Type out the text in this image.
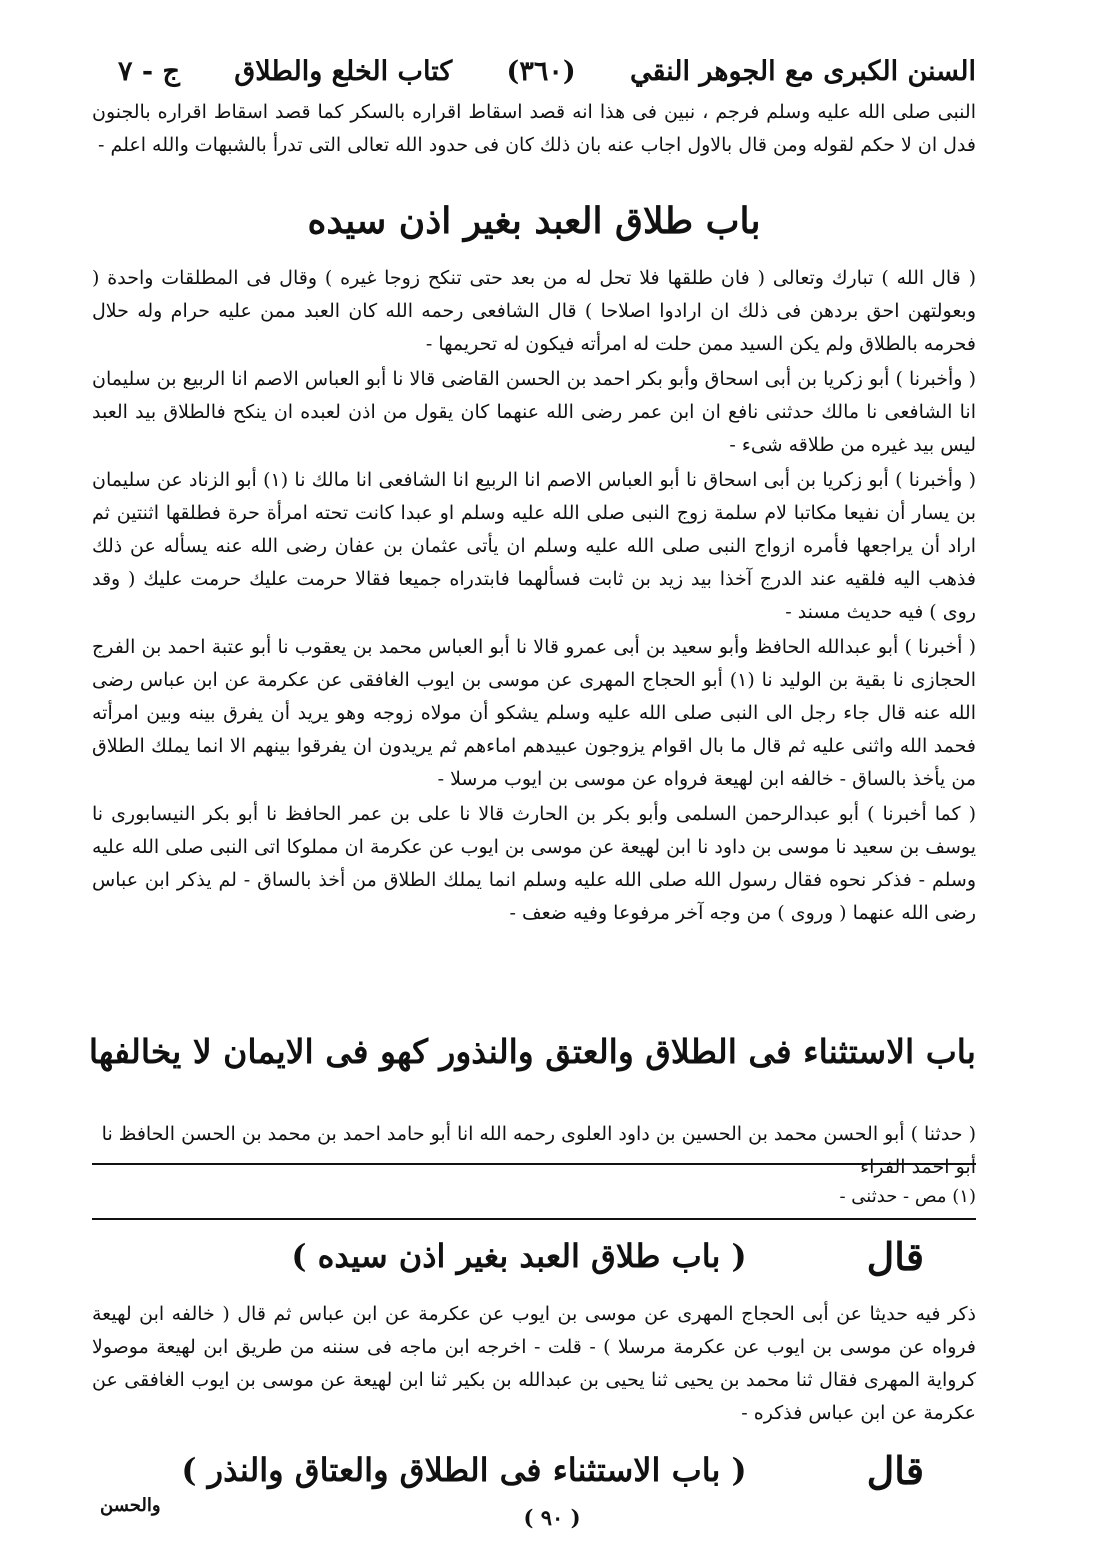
السنن الكبرى مع الجوهر النقي
(٣٦٠)
كتاب الخلع والطلاق
ج - ٧

النبى صلى الله عليه وسلم فرجم ، نبين فى هذا انه قصد اسقاط اقراره بالسكر كما قصد اسقاط اقراره بالجنون فدل ان لا حكم لقوله ومن قال بالاول اجاب عنه بان ذلك كان فى حدود الله تعالى التى تدرأ بالشبهات والله اعلم -

باب طلاق العبد بغير اذن سيده

( قال الله ) تبارك وتعالى ( فان طلقها فلا تحل له من بعد حتى تنكح زوجا غيره ) وقال فى المطلقات واحدة ( وبعولتهن احق بردهن فى ذلك ان ارادوا اصلاحا ) قال الشافعى رحمه الله كان العبد ممن عليه حرام وله حلال فحرمه بالطلاق ولم يكن السيد ممن حلت له امرأته فيكون له تحريمها -

( وأخبرنا ) أبو زكريا بن أبى اسحاق وأبو بكر احمد بن الحسن القاضى قالا نا أبو العباس الاصم انا الربيع بن سليمان انا الشافعى نا مالك حدثنى نافع ان ابن عمر رضى الله عنهما كان يقول من اذن لعبده ان ينكح فالطلاق بيد العبد ليس بيد غيره من طلاقه شىء -

( وأخبرنا ) أبو زكريا بن أبى اسحاق نا أبو العباس الاصم انا الربيع انا الشافعى انا مالك نا (١) أبو الزناد عن سليمان بن يسار أن نفيعا مكاتبا لام سلمة زوج النبى صلى الله عليه وسلم او عبدا كانت تحته امرأة حرة فطلقها اثنتين ثم اراد أن يراجعها فأمره ازواج النبى صلى الله عليه وسلم ان يأتى عثمان بن عفان رضى الله عنه يسأله عن ذلك فذهب اليه فلقيه عند الدرج آخذا بيد زيد بن ثابت فسألهما فابتدراه جميعا فقالا حرمت عليك حرمت عليك ( وقد روى ) فيه حديث مسند -

( أخبرنا ) أبو عبدالله الحافظ وأبو سعيد بن أبى عمرو قالا نا أبو العباس محمد بن يعقوب نا أبو عتبة احمد بن الفرج الحجازى نا بقية بن الوليد نا (١) أبو الحجاج المهرى عن موسى بن ايوب الغافقى عن عكرمة عن ابن عباس رضى الله عنه قال جاء رجل الى النبى صلى الله عليه وسلم يشكو أن مولاه زوجه وهو يريد أن يفرق بينه وبين امرأته فحمد الله واثنى عليه ثم قال ما بال اقوام يزوجون عبيدهم اماءهم ثم يريدون ان يفرقوا بينهم الا انما يملك الطلاق من يأخذ بالساق - خالفه ابن لهيعة فرواه عن موسى بن ايوب مرسلا -

( كما أخبرنا ) أبو عبدالرحمن السلمى وأبو بكر بن الحارث قالا نا على بن عمر الحافظ نا أبو بكر النيسابورى نا يوسف بن سعيد نا موسى بن داود نا ابن لهيعة عن موسى بن ايوب عن عكرمة ان مملوكا اتى النبى صلى الله عليه وسلم - فذكر نحوه فقال رسول الله صلى الله عليه وسلم انما يملك الطلاق من أخذ بالساق - لم يذكر ابن عباس رضى الله عنهما ( وروى ) من وجه آخر مرفوعا وفيه ضعف -

باب الاستثناء فى الطلاق والعتق والنذور كهو فى الايمان لا يخالفها

( حدثنا ) أبو الحسن محمد بن الحسين بن داود العلوى رحمه الله انا أبو حامد احمد بن محمد بن الحسن الحافظ نا أبو احمد الفراء

(١) مص - حدثنى -

قال
( باب طلاق العبد بغير اذن سيده )

ذكر فيه حديثا عن أبى الحجاج المهرى عن موسى بن ايوب عن عكرمة عن ابن عباس ثم قال ( خالفه ابن لهيعة فرواه عن موسى بن ايوب عن عكرمة مرسلا ) - قلت - اخرجه ابن ماجه فى سننه من طريق ابن لهيعة موصولا كرواية المهرى فقال ثنا محمد بن يحيى ثنا يحيى بن عبدالله بن بكير ثنا ابن لهيعة عن موسى بن ايوب الغافقى عن عكرمة عن ابن عباس فذكره -

قال
( باب الاستثناء فى الطلاق والعتاق والنذر )
والحسن	( ٩٠ )
